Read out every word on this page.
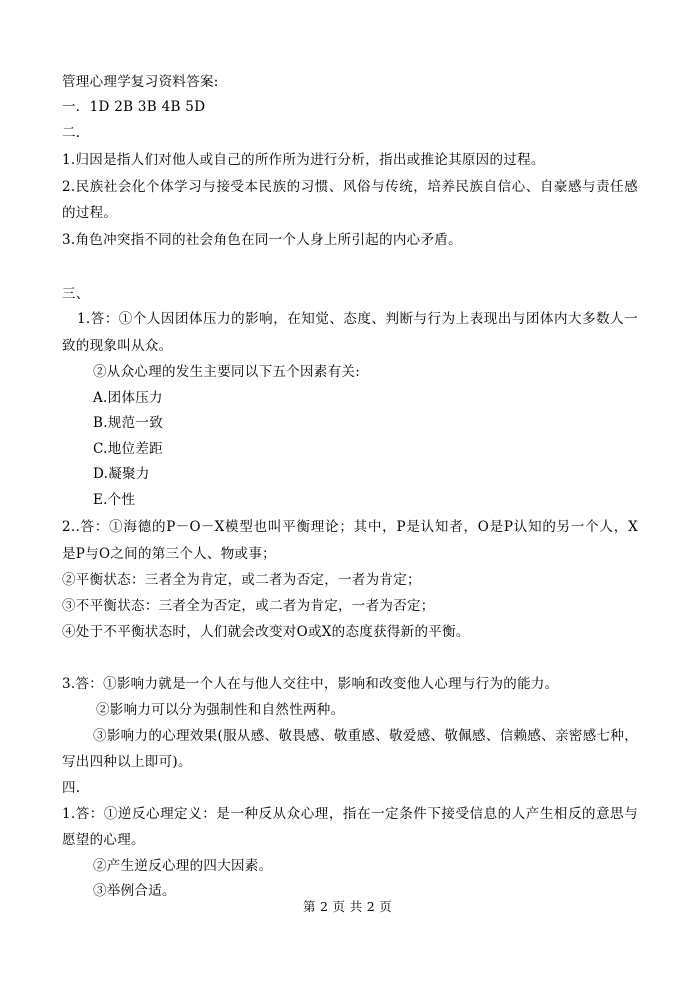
管理心理学复习资料答案:
一．1D 2B 3B 4B 5D
二.
1.归因是指人们对他人或自己的所作所为进行分析，指出或推论其原因的过程。
2.民族社会化个体学习与接受本民族的习惯、风俗与传统，培养民族自信心、自豪感与责任感
的过程。
3.角色冲突指不同的社会角色在同一个人身上所引起的内心矛盾。
三、
1.答：①个人因团体压力的影响，在知觉、态度、判断与行为上表现出与团体内大多数人一
致的现象叫从众。
②从众心理的发生主要同以下五个因素有关:
A.团体压力
B.规范一致
C.地位差距
D.凝聚力
E.个性
2..答：①海德的P－O－X模型也叫平衡理论；其中，P是认知者，O是P认知的另一个人，X
是P与O之间的第三个人、物或事；
②平衡状态：三者全为肯定，或二者为否定，一者为肯定；
③不平衡状态：三者全为否定，或二者为肯定，一者为否定；
④处于不平衡状态时，人们就会改变对O或X的态度获得新的平衡。
3.答：①影响力就是一个人在与他人交往中，影响和改变他人心理与行为的能力。
②影响力可以分为强制性和自然性两种。
③影响力的心理效果(服从感、敬畏感、敬重感、敬爱感、敬佩感、信赖感、亲密感七种，
写出四种以上即可)。
四.
1.答：①逆反心理定义：是一种反从众心理，指在一定条件下接受信息的人产生相反的意思与
愿望的心理。
②产生逆反心理的四大因素。
③举例合适。
第 2 页 共 2 页
